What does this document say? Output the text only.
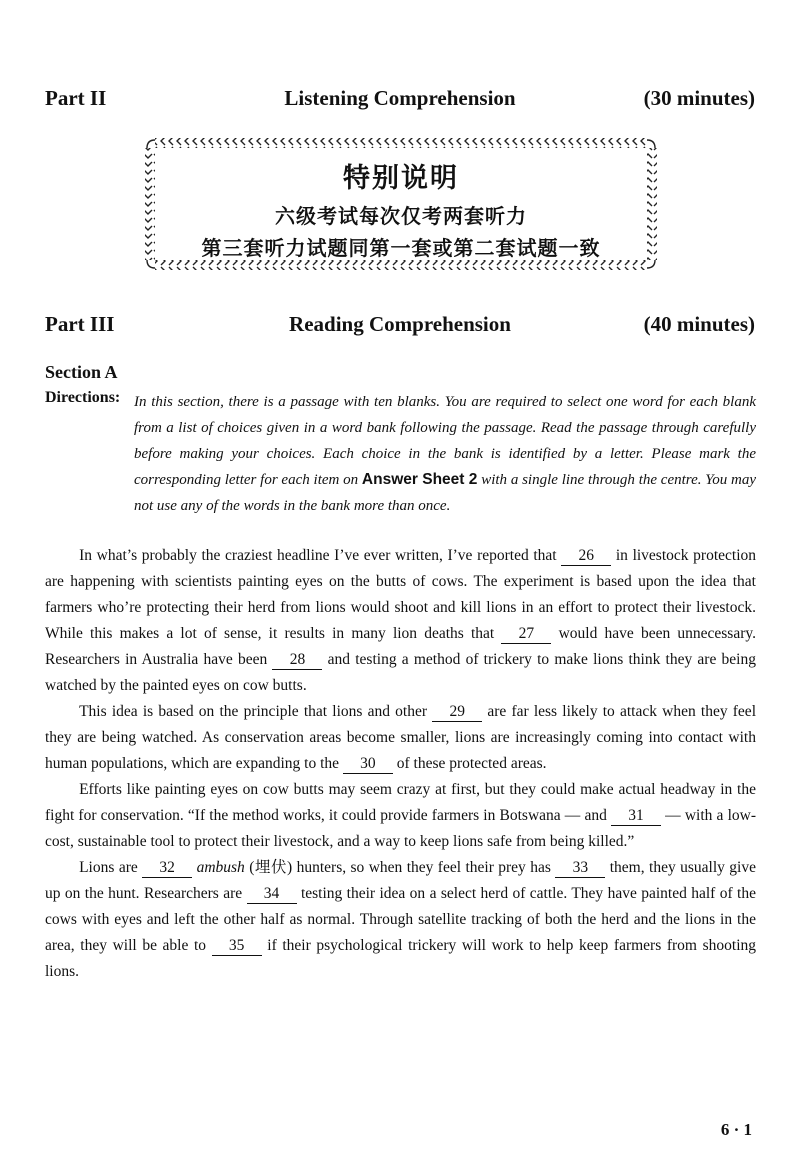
Part II	Listening Comprehension	(30 minutes)
特别说明
六级考试每次仅考两套听力
第三套听力试题同第一套或第二套试题一致
Part III	Reading Comprehension	(40 minutes)
Section A
Directions: In this section, there is a passage with ten blanks. You are required to select one word for each blank from a list of choices given in a word bank following the passage. Read the passage through carefully before making your choices. Each choice in the bank is identified by a letter. Please mark the corresponding letter for each item on Answer Sheet 2 with a single line through the centre. You may not use any of the words in the bank more than once.

In what’s probably the craziest headline I’ve ever written, I’ve reported that 26 in livestock protection are happening with scientists painting eyes on the butts of cows. The experiment is based upon the idea that farmers who’re protecting their herd from lions would shoot and kill lions in an effort to protect their livestock. While this makes a lot of sense, it results in many lion deaths that 27 would have been unnecessary. Researchers in Australia have been 28 and testing a method of trickery to make lions think they are being watched by the painted eyes on cow butts.

This idea is based on the principle that lions and other 29 are far less likely to attack when they feel they are being watched. As conservation areas become smaller, lions are increasingly coming into contact with human populations, which are expanding to the 30 of these protected areas.

Efforts like painting eyes on cow butts may seem crazy at first, but they could make actual headway in the fight for conservation. “If the method works, it could provide farmers in Botswana — and 31 — with a low-cost, sustainable tool to protect their livestock, and a way to keep lions safe from being killed.”

Lions are 32 ambush (埋伏) hunters, so when they feel their prey has 33 them, they usually give up on the hunt. Researchers are 34 testing their idea on a select herd of cattle. They have painted half of the cows with eyes and left the other half as normal. Through satellite tracking of both the herd and the lions in the area, they will be able to 35 if their psychological trickery will work to help keep farmers from shooting lions.

6 · 1
